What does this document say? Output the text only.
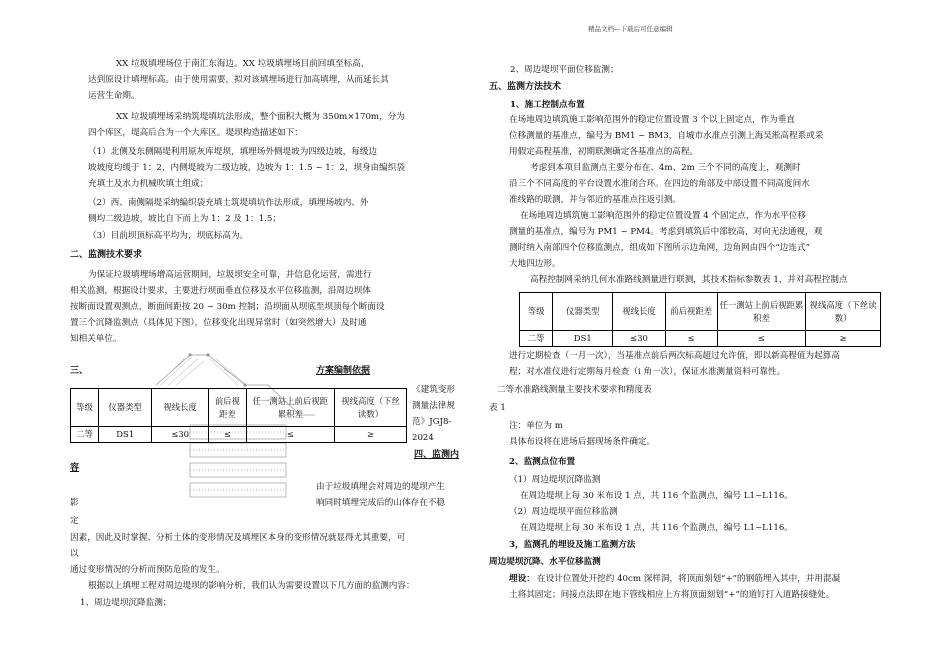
精品文档---下载后可任意编辑
XX 垃圾填埋场位于南汇东海边。XX 垃圾填埋场目前回填至标高，
达到原设计填埋标高。由于使用需要，拟对该填埋场进行加高填埋，从而延长其
运营生命期。
XX 垃圾填埋场采纳筑堤填坑法形成，整个面积大概为 350m×170m，分为
四个库区，堤高后合为一个大库区。堤坝构造描述如下：
（1）北侧及东侧隔堤利用原灰库堤坝，填埋场外侧堤坡为四级边坡，每级边
坡坡度均缓于 1：2，内侧堤坡为二级边坡，边坡为 1：1.5 ~ 1：2，坝身由编织袋
充填土及水力机械吹填土组成；
（2）西、南侧隔堤采纳编织袋充填土筑堤填坑作法形成，填埋场坡内、外
侧均二级边坡，坡比自下而上为 1：2 及 1：1.5；
（3）目前坝顶标高平均为，坝底标高为。
二、监测技术要求
为保证垃圾填埋场增高运营期间，垃圾坝安全可靠，并信息化运营，需进行
相关监测，根据设计要求，主要进行坝面垂直位移及水平位移监测，沿周边坝体
按断面设置观测点，断面间距按 20 ~ 30m 控制；沿坝面从坝底至坝顶每个断面设
置三个沉降监测点（具体见下图），位移变化出现异常时（如突然增大）及时通
知相关单位。
三、	方案编制依据
等级	仪器类型	视线长度	前后视距差	任一测站上前后视距累积差	视线高度（下丝读数）
二等	DS1	≤30	≤	≤	≥
《建筑变形
测量法律规
范》JGJ8-
2024
四、监测内
容
由于垃圾填埋会对周边的堤坝产生
响同时填埋完成后的山体存在不稳
影
定
因素，因此及时掌握、分析土体的变形情况及填埋区本身的变形情况就显得尤其重要，可
以
通过变形情况的分析而预防危险的发生。
根据以上填埋工程对周边堤坝的影响分析，我们认为需要设置以下几方面的监测内容：
1、周边堤坝沉降监测；
2、周边堤坝平面位移监测；
五、监测方法技术
1、施工控制点布置
在场地周边填筑施工影响范围外的稳定位置设置 3 个以上固定点，作为垂直
位移测量的基准点，编号为 BM1 ~ BM3，自城市水准点引测上海吴淞高程系或采
用假定高程基准，初期联测确定各基准点的高程。
考虑到本项目监测点主要分布在、4m、2m 三个不同的高度上，观测时
沿三个不同高度的平台设置水准闭合环。在四边的角部及中部设置不同高度间水
准线路的联测，并与邻近的基准点往返引测。
在场地周边填筑施工影响范围外的稳定位置设置 4 个固定点，作为水平位移
测量的基准点，编号为 PM1 ~ PM4。考虑到填筑后中部较高，对向无法通视，观
测时纳入南部四个位移监测点，组成如下图所示边角网，边角网由四个“边连式”
大地四边形。
高程控制网采纳几何水准路线测量进行联测，其技术指标参数表 1，并对高程控制点
等级	仪器类型	视线长度	前后视距差	任一测站上前后视距累积差	视线高度（下丝读数）
二等	DS1	≤30	≤	≤	≥
进行定期检查（一月一次），当基准点前后两次标高超过允许值，即以新高程值为起算高
程；对水准仪进行定期每月检查（i 角一次），保证水准测量资料可靠性。
二等水准路线测量主要技术要求和精度表
表 1
注：单位为 m
具体布设将在进场后据现场条件确定。
2、监测点位布置
（1）周边堤坝沉降监测
在周边堤坝上每 30 米布设 1 点，共 116 个监测点，编号 L1~L116。
（2）周边堤坝平面位移监测
在周边堤坝上每 30 米布设 1 点，共 116 个监测点，编号 L1~L116。
3，监测孔的埋设及施工监测方法
周边堤坝沉降、水平位移监测
埋设： 在设计位置处开挖约 40cm 深样洞，将顶面刻划“+”的钢筋埋入其中，并用混凝
土将其固定；间接点法即在地下管线相应上方将顶面刻划“+”的道钉打入道路接缝处。
